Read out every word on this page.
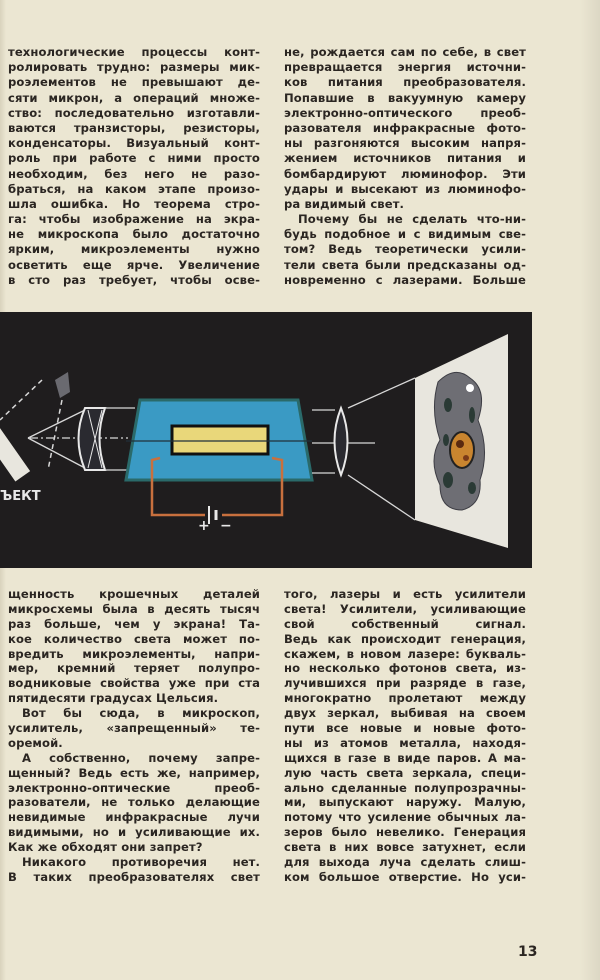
технологические процессы конт-
ролировать трудно: размеры мик-
роэлементов не превышают де-
сяти микрон, а операций множе-
ство: последовательно изготавли-
ваются транзисторы, резисторы,
конденсаторы. Визуальный конт-
роль при работе с ними просто
необходим, без него не разо-
браться, на каком этапе произо-
шла ошибка. Но теорема стро-
га: чтобы изображение на экра-
не микроскопа было достаточно
ярким, микроэлементы нужно
осветить еще ярче. Увеличение
в сто раз требует, чтобы осве-
не, рождается сам по себе, в свет
превращается энергия источни-
ков питания преобразователя.
Попавшие в вакуумную камеру
электронно-оптического преоб-
разователя инфракрасные фото-
ны разгоняются высоким напря-
жением источников питания и
бомбардируют люминофор. Эти
удары и высекают из люминофо-
ра видимый свет.
Почему бы не сделать что-ни-
будь подобное и с видимым све-
том? Ведь теоретически усили-
тели света были предсказаны од-
новременно с лазерами. Больше
+ −
ЪЕКТ
щенность крошечных деталей
микросхемы была в десять тысяч
раз больше, чем у экрана! Та-
кое количество света может по-
вредить микроэлементы, напри-
мер, кремний теряет полупро-
водниковые свойства уже при ста
пятидесяти градусах Цельсия.
Вот бы сюда, в микроскоп,
усилитель, «запрещенный» те-
оремой.
А собственно, почему запре-
щенный? Ведь есть же, например,
электронно-оптические преоб-
разователи, не только делающие
невидимые инфракрасные лучи
видимыми, но и усиливающие их.
Как же обходят они запрет?
Никакого противоречия нет.
В таких преобразователях свет
того, лазеры и есть усилители
света! Усилители, усиливающие
свой собственный сигнал.
Ведь как происходит генерация,
скажем, в новом лазере: букваль-
но несколько фотонов света, из-
лучившихся при разряде в газе,
многократно пролетают между
двух зеркал, выбивая на своем
пути все новые и новые фото-
ны из атомов металла, находя-
щихся в газе в виде паров. А ма-
лую часть света зеркала, специ-
ально сделанные полупрозрачны-
ми, выпускают наружу. Малую,
потому что усиление обычных ла-
зеров было невелико. Генерация
света в них вовсе затухнет, если
для выхода луча сделать слиш-
ком большое отверстие. Но уси-
13
